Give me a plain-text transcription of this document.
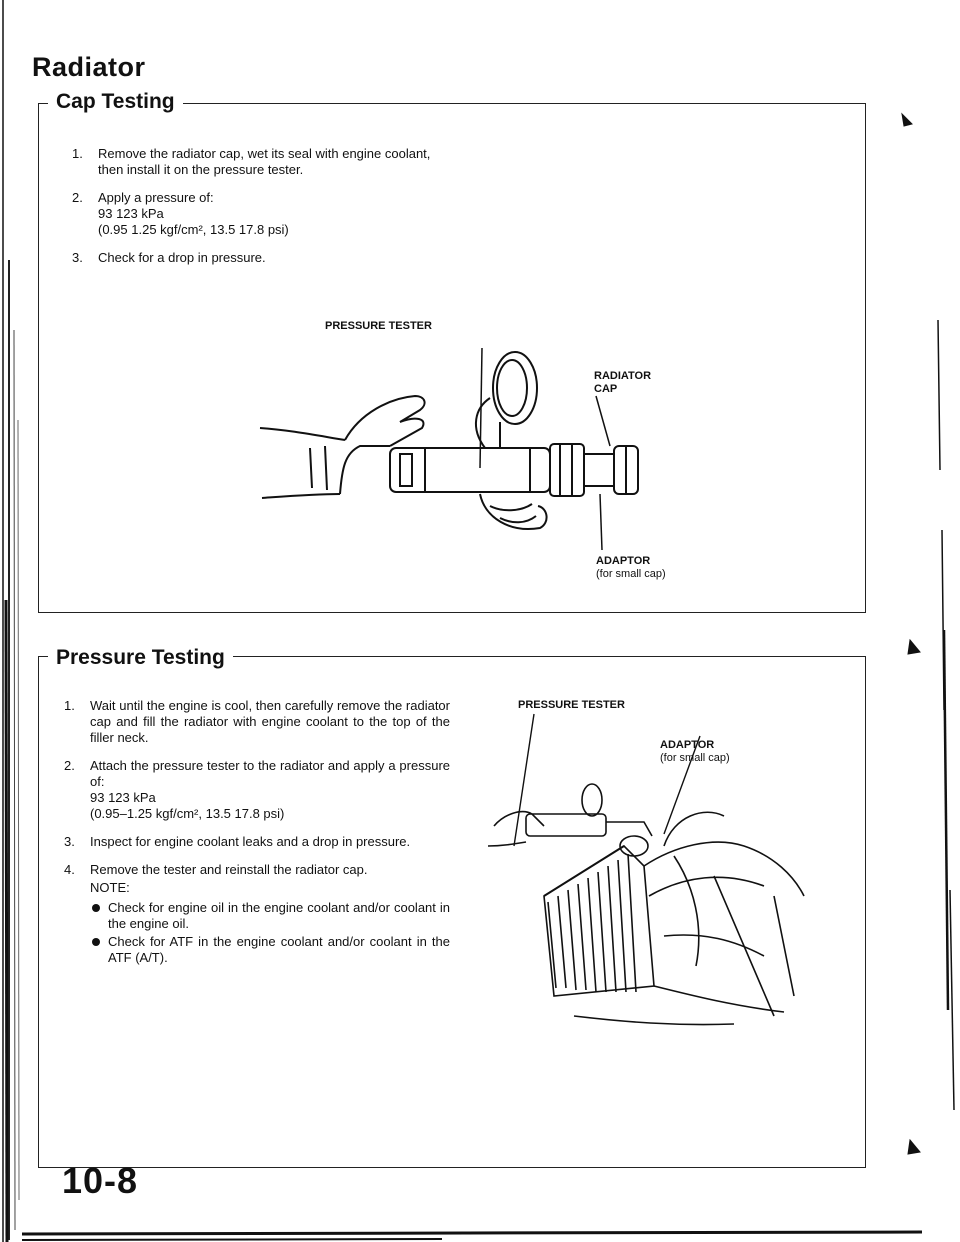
Radiator
Cap Testing
1. Remove the radiator cap, wet its seal with engine coolant, then install it on the pressure tester.
2. Apply a pressure of:
93 123 kPa
(0.95 1.25 kgf/cm², 13.5 17.8 psi)
3. Check for a drop in pressure.
PRESSURE TESTER
RADIATOR CAP
ADAPTOR
(for small cap)
Pressure Testing
1. Wait until the engine is cool, then carefully remove the radiator cap and fill the radiator with engine coolant to the top of the filler neck.
2. Attach the pressure tester to the radiator and apply a pressure of:
93 123 kPa
(0.95–1.25 kgf/cm², 13.5 17.8 psi)
3. Inspect for engine coolant leaks and a drop in pressure.
4. Remove the tester and reinstall the radiator cap.
NOTE:
Check for engine oil in the engine coolant and/or coolant in the engine oil.
Check for ATF in the engine coolant and/or coolant in the ATF (A/T).
PRESSURE TESTER
ADAPTOR
(for small cap)
10-8
